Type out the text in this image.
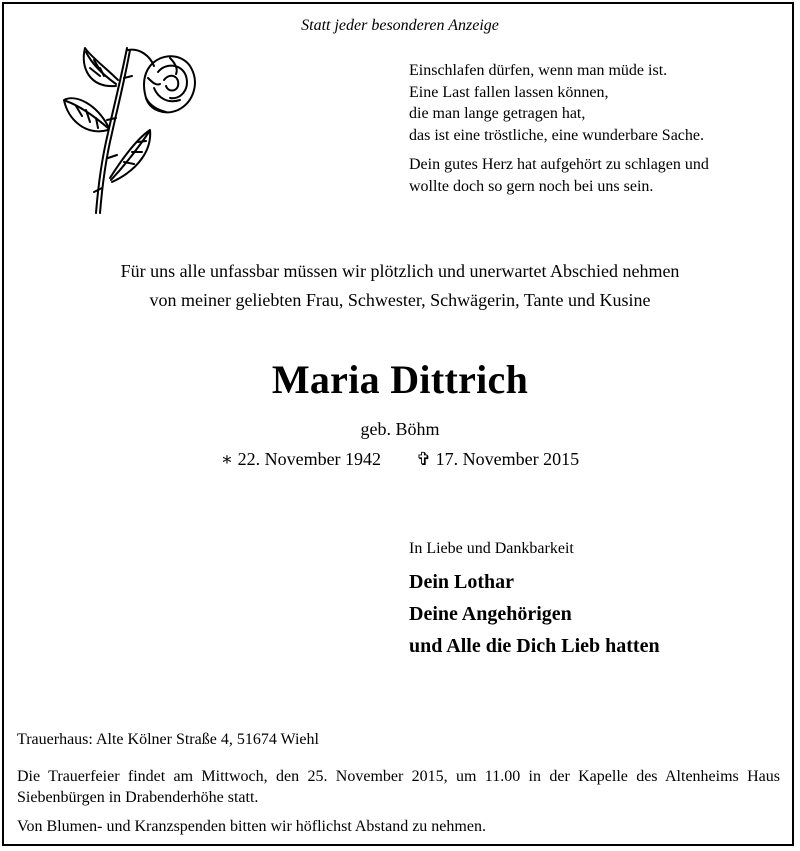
Statt jeder besonderen Anzeige
Einschlafen dürfen, wenn man müde ist.
Eine Last fallen lassen können,
die man lange getragen hat,
das ist eine tröstliche, eine wunderbare Sache.
Dein gutes Herz hat aufgehört zu schlagen und
wollte doch so gern noch bei uns sein.
Für uns alle unfassbar müssen wir plötzlich und unerwartet Abschied nehmen
von meiner geliebten Frau, Schwester, Schwägerin, Tante und Kusine
Maria Dittrich
geb. Böhm
∗ 22. November 1942 ✞ 17. November 2015
In Liebe und Dankbarkeit
Dein Lothar
Deine Angehörigen
und Alle die Dich Lieb hatten
Trauerhaus: Alte Kölner Straße 4, 51674 Wiehl
Die Trauerfeier findet am Mittwoch, den 25. November 2015, um 11.00 in der Kapelle des Altenheims Haus Siebenbürgen in Drabenderhöhe statt.
Von Blumen- und Kranzspenden bitten wir höflichst Abstand zu nehmen.
